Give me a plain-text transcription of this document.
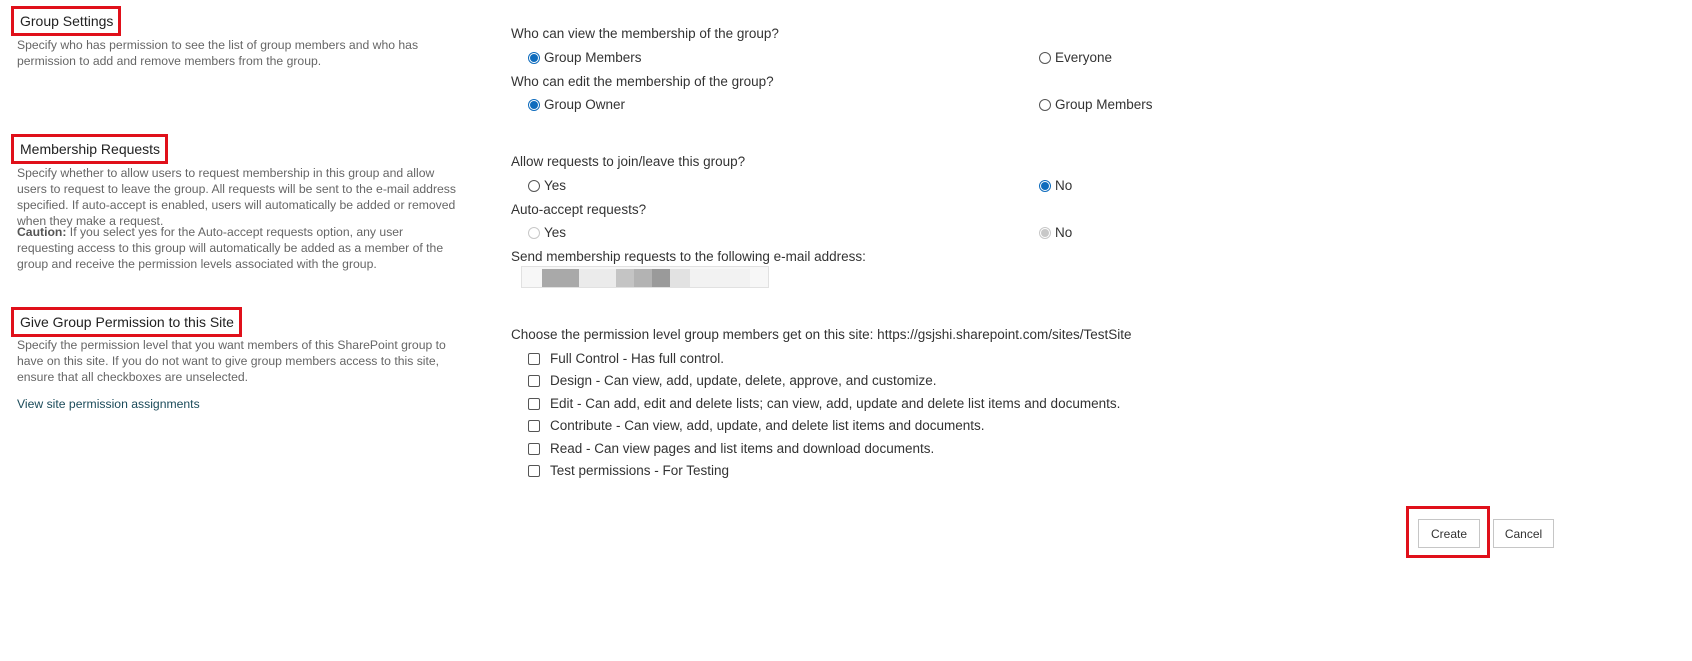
Group Settings
Specify who has permission to see the list of group members and who has permission to add and remove members from the group.
Who can view the membership of the group?
Group Members	Everyone
Who can edit the membership of the group?
Group Owner	Group Members
Membership Requests
Specify whether to allow users to request membership in this group and allow users to request to leave the group. All requests will be sent to the e-mail address specified. If auto-accept is enabled, users will automatically be added or removed when they make a request.
Caution: If you select yes for the Auto-accept requests option, any user requesting access to this group will automatically be added as a member of the group and receive the permission levels associated with the group.
Allow requests to join/leave this group?
Yes	No
Auto-accept requests?
Yes	No
Send membership requests to the following e-mail address:
Give Group Permission to this Site
Specify the permission level that you want members of this SharePoint group to have on this site. If you do not want to give group members access to this site, ensure that all checkboxes are unselected.
View site permission assignments
Choose the permission level group members get on this site: https://gsjshi.sharepoint.com/sites/TestSite
Full Control - Has full control.
Design - Can view, add, update, delete, approve, and customize.
Edit - Can add, edit and delete lists; can view, add, update and delete list items and documents.
Contribute - Can view, add, update, and delete list items and documents.
Read - Can view pages and list items and download documents.
Test permissions - For Testing
Create	Cancel
